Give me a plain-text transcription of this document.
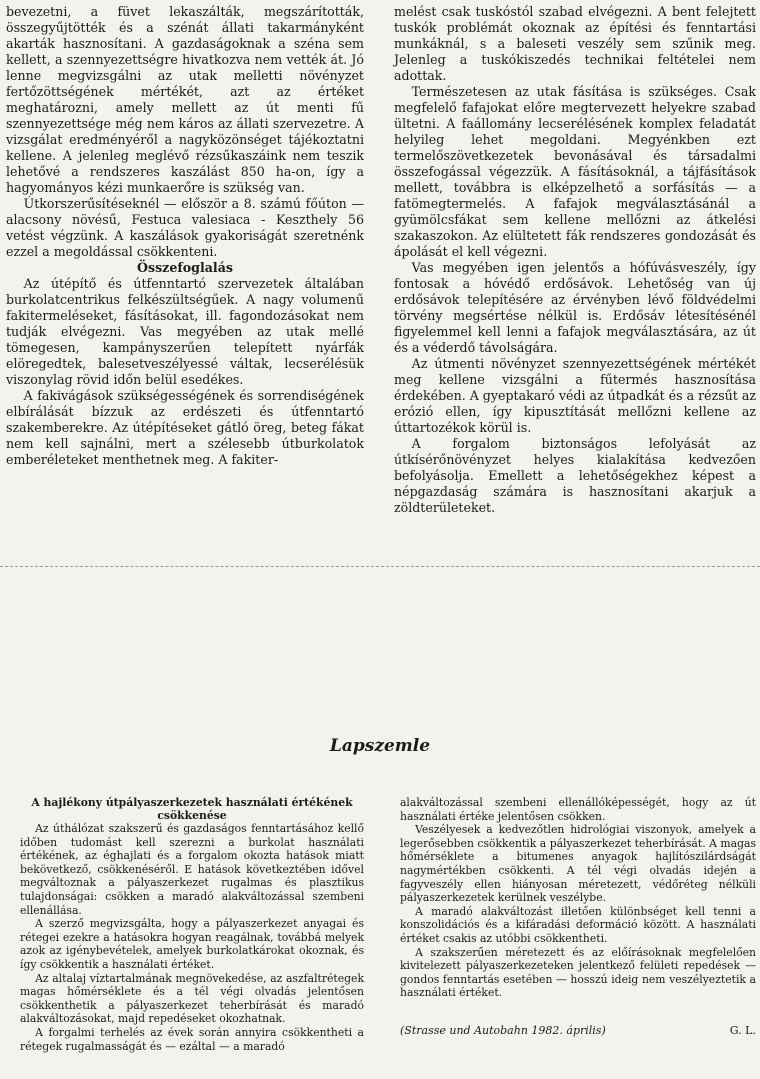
bevezetni, a füvet lekaszálták, megszárították, összegyűjtötték és a szénát állati takarmányként akarták hasznosítani. A gazdaságoknak a széna sem kellett, a szennyezettségre hivatkozva nem vették át. Jó lenne megvizsgálni az utak melletti növényzet fertőzöttségének mértékét, azt az értéket meghatározni, amely mellett az út menti fű szennyezettsége még nem káros az állati szervezetre. A vizsgálat eredményéről a nagyközönséget tájékoztatni kellene. A jelenleg meglévő rézsűkaszáink nem teszik lehetővé a rendszeres kaszálást 850 ha-on, így a hagyományos kézi munkaerőre is szükség van.

Útkorszerűsítéseknél — először a 8. számú főúton — alacsony növésű, Festuca valesiaca - Keszthely 56 vetést végzünk. A kaszálások gyakoriságát szeretnénk ezzel a megoldással csökkenteni.

Összefoglalás

Az útépítő és útfenntartó szervezetek általában burkolatcentrikus felkészültségűek. A nagy volumenű fakitermeléseket, fásításokat, ill. fagondozásokat nem tudják elvégezni. Vas megyében az utak mellé tömegesen, kampányszerűen telepített nyárfák elöregedtek, balesetveszélyessé váltak, lecserélésük viszonylag rövid időn belül esedékes.

A fakivágások szükségességének és sorrendiségének elbírálását bízzuk az erdészeti és útfenntartó szakemberekre. Az útépítéseket gátló öreg, beteg fákat nem kell sajnálni, mert a szélesebb útburkolatok emberéleteket menthetnek meg. A fakiter-

melést csak tuskóstól szabad elvégezni. A bent felejtett tuskók problémát okoznak az építési és fenntartási munkáknál, s a baleseti veszély sem szűnik meg. Jelenleg a tuskókiszedés technikai feltételei nem adottak.

Természetesen az utak fásítása is szükséges. Csak megfelelő fafajokat előre megtervezett helyekre szabad ültetni. A faállomány lecserélésének komplex feladatát helyileg lehet megoldani. Megyénkben ezt termelőszövetkezetek bevonásával és társadalmi összefogással végezzük. A fásításoknál, a tájfásítások mellett, továbbra is elképzelhető a sorfásítás — a fatömegtermelés. A fafajok megválasztásánál a gyümölcsfákat sem kellene mellőzni az átkelési szakaszokon. Az elültetett fák rendszeres gondozását és ápolását el kell végezni.

Vas megyében igen jelentős a hófúvásveszély, így fontosak a hóvédő erdősávok. Lehetőség van új erdősávok telepítésére az érvényben lévő földvédelmi törvény megsértése nélkül is. Erdősáv létesítésénél figyelemmel kell lenni a fafajok megválasztására, az út és a véderdő távolságára.

Az útmenti növényzet szennyezettségének mértékét meg kellene vizsgálni a fűtermés hasznosítása érdekében. A gyeptakaró védi az útpadkát és a rézsűt az erózió ellen, így kipusztítását mellőzni kellene az úttartozékok körül is.

A forgalom biztonságos lefolyását az útkísérőnövényzet helyes kialakítása kedvezően befolyásolja. Emellett a lehetőségekhez képest a népgazdaság számára is hasznosítani akarjuk a zöldterületeket.

Lapszemle

A hajlékony útpályaszerkezetek használati értékének csökkenése

Az úthálózat szakszerű és gazdaságos fenntartásához kellő időben tudomást kell szerezni a burkolat használati értékének, az éghajlati és a forgalom okozta hatások miatt bekövetkező, csökkenéséről. E hatások következtében idővel megváltoznak a pályaszerkezet rugalmas és plasztikus tulajdonságai: csökken a maradó alakváltozással szembeni ellenállása.

A szerző megvizsgálta, hogy a pályaszerkezet anyagai és rétegei ezekre a hatásokra hogyan reagálnak, továbbá melyek azok az igénybevételek, amelyek burkolatkárokat okoznak, és így csökkentik a használati értéket.

Az altalaj víztartalmának megnövekedése, az aszfaltrétegek magas hőmérséklete és a tél végi olvadás jelentősen csökkenthetik a pályaszerkezet teherbírását és maradó alakváltozásokat, majd repedéseket okozhatnak.

A forgalmi terhelés az évek során annyira csökkentheti a rétegek rugalmasságát és — ezáltal — a maradó

alakváltozással szembeni ellenállóképességét, hogy az út használati értéke jelentősen csökken.

Veszélyesek a kedvezőtlen hidrológiai viszonyok, amelyek a legerősebben csökkentik a pályaszerkezet teherbírását. A magas hőmérséklete a bitumenes anyagok hajlítószilárdságát nagymértékben csökkenti. A tél végi olvadás idején a fagyveszély ellen hiányosan méretezett, védőréteg nélküli pályaszerkezetek kerülnek veszélybe.

A maradó alakváltozást illetően különbséget kell tenni a konszolidációs és a kifáradási deformáció között. A használati értéket csakis az utóbbi csökkentheti.

A szakszerűen méretezett és az előírásoknak megfelelően kivitelezett pályaszerkezeteken jelentkező felületi repedések — gondos fenntartás esetében — hosszú ideig nem veszélyeztetik a használati értéket.

(Strasse und Autobahn 1982. április)	G. L.
